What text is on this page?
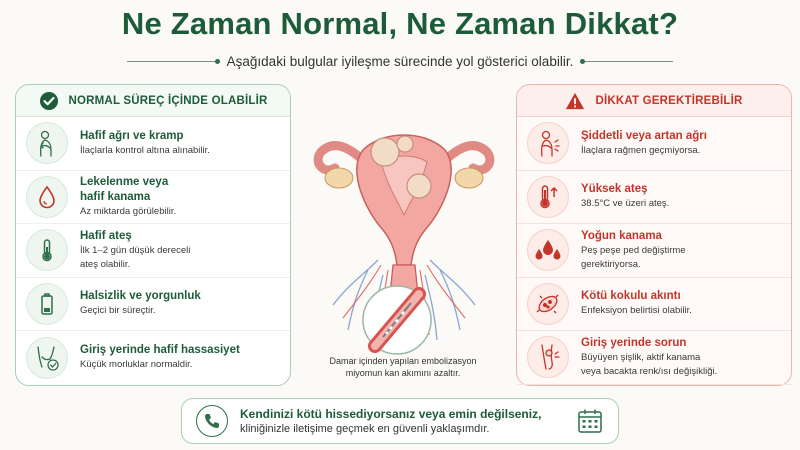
Ne Zaman Normal, Ne Zaman Dikkat?
Aşağıdaki bulgular iyileşme sürecinde yol gösterici olabilir.
NORMAL SÜREÇ İÇİNDE OLABİLİR
Hafif ağrı ve kramp
İlaçlarla kontrol altına alınabilir.
Lekelenme veya
hafif kanama
Az miktarda görülebilir.
Hafif ateş
İlk 1–2 gün düşük dereceli
ateş olabilir.
Halsizlik ve yorgunluk
Geçici bir süreçtir.
Giriş yerinde hafif hassasiyet
Küçük morluklar normaldir.	Damar içinden yapılan embolizasyon
miyomun kan akımını azaltır.
DİKKAT GEREKTİREBİLİR
Şiddetli veya artan ağrı
İlaçlara rağmen geçmiyorsa.
Yüksek ateş
38.5°C ve üzeri ateş.
Yoğun kanama
Peş peşe ped değiştirme
gerektiriyorsa.
Kötü kokulu akıntı
Enfeksiyon belirtisi olabilir.
Giriş yerinde sorun
Büyüyen şişlik, aktif kanama
veya bacakta renk/ısı değişikliği.
Kendinizi kötü hissediyorsanız veya emin değilseniz,
kliniğinizle iletişime geçmek en güvenli yaklaşımdır.
